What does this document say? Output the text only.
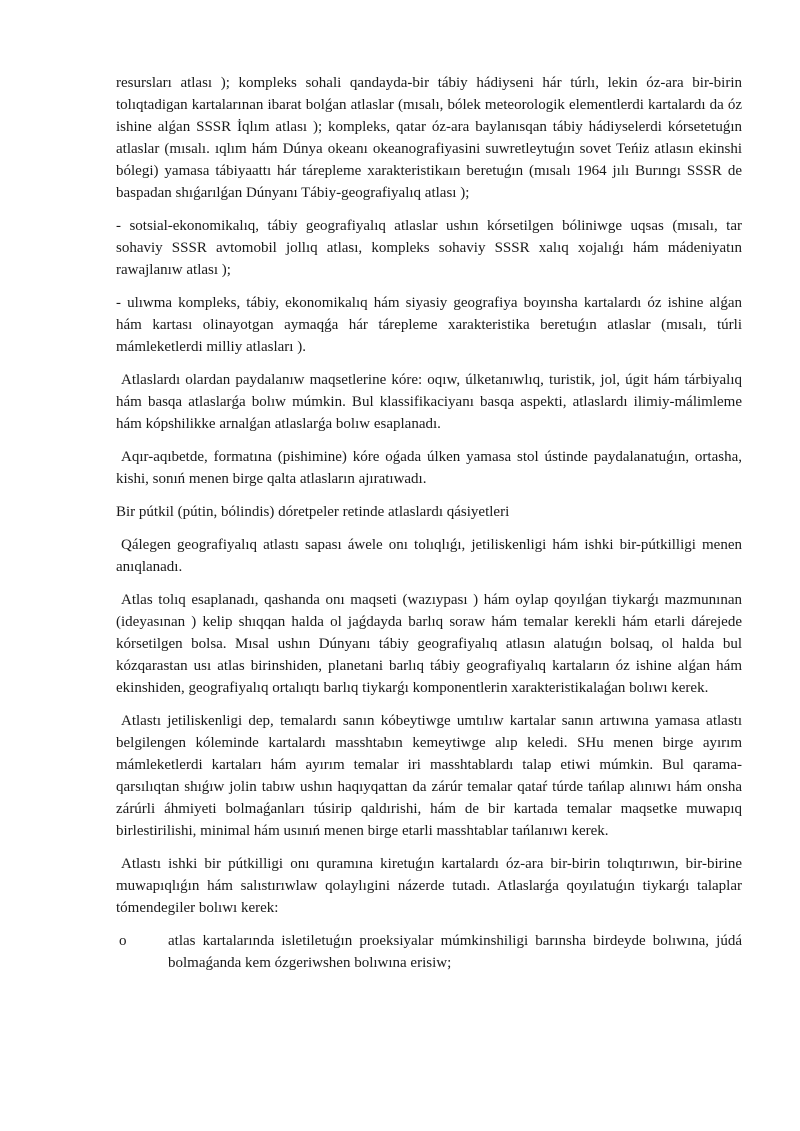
resursları atlası ); kompleks sohali qandayda-bir tábiy hádiyseni hár túrlı, lekin óz-ara bir-birin tolıqtadigan kartalarınan ibarat bolǵan atlaslar (mısalı, bólek meteorologik elementlerdi kartalardı da óz ishine alǵan SSSR İqlım atlası ); kompleks, qatar óz-ara baylanısqan tábiy hádiyselerdi kórsetetuǵın atlaslar (mısalı. ıqlım hám Dúnya okeanı okeanografiyasini suwretleytuǵın sovet Teńiz atlasın ekinshi bólegi) yamasa tábiyaattı hár tárepleme xarakteristikaın beretuǵın (mısalı 1964 jılı Burıngı SSSR de baspadan shıǵarılǵan Dúnyanı Tábiy-geografiyalıq atlası );

- sotsial-ekonomikalıq, tábiy geografiyalıq atlaslar ushın kórsetilgen bóliniwge uqsas (mısalı, tar sohaviy SSSR avtomobil jollıq atlası, kompleks sohaviy SSSR xalıq xojalıǵı hám mádeniyatın rawajlanıw atlası );

- ulıwma kompleks, tábiy, ekonomikalıq hám siyasiy geografiya boyınsha kartalardı óz ishine alǵan hám kartası olinayotgan aymaqǵa hár tárepleme xarakteristika beretuǵın atlaslar (mısalı, túrli mámleketlerdi milliy atlasları ).

Atlaslardı olardan paydalanıw maqsetlerine kóre: oqıw, úlketanıwlıq, turistik, jol, úgit hám tárbiyalıq hám basqa atlaslarǵa bolıw múmkin. Bul klassifikaciyanı basqa aspekti, atlaslardı ilimiy-málimleme hám kópshilikke arnalǵan atlaslarǵa bolıw esaplanadı.

Aqır-aqıbetde, formatına (pishimine) kóre oǵada úlken yamasa stol ústinde paydalanatuǵın, ortasha, kishi, sonıń menen birge qalta atlasların ajıratıwadı.

Bir pútkil (pútin, bólindis) dóretpeler retinde atlaslardı qásiyetleri

Qálegen geografiyalıq atlastı sapası áwele onı tolıqlıǵı, jetiliskenligi hám ishki bir-pútkilligi menen anıqlanadı.

Atlas tolıq esaplanadı, qashanda onı maqseti (wazıypası ) hám oylap qoyılǵan tiykarǵı mazmunınan (ideyasınan ) kelip shıqqan halda ol jaǵdayda barlıq soraw hám temalar kerekli hám etarli dárejede kórsetilgen bolsa. Mısal ushın Dúnyanı tábiy geografiyalıq atlasın alatuǵın bolsaq, ol halda bul kózqarastan usı atlas birinshiden, planetani barlıq tábiy geografiyalıq kartaların óz ishine alǵan hám ekinshiden, geografiyalıq ortalıqtı barlıq tiykarǵı komponentlerin xarakteristikalaǵan bolıwı kerek.

Atlastı jetiliskenligi dep, temalardı sanın kóbeytiwge umtılıw kartalar sanın artıwına yamasa atlastı belgilengen kóleminde kartalardı masshtabın kemeytiwge alıp keledi. SHu menen birge ayırım mámleketlerdi kartaları hám ayırım temalar iri masshtablardı talap etiwi múmkin. Bul qarama-qarsılıqtan shıǵıw jolin tabıw ushın haqıyqattan da zárúr temalar qataŕ túrde tańlap alınıwı hám onsha zárúrli áhmiyeti bolmaǵanları túsirip qaldırishi, hám de bir kartada temalar maqsetke muwapıq birlestirilishi, minimal hám usınıń menen birge etarli masshtablar tańlanıwı kerek.

Atlastı ishki bir pútkilligi onı quramına kiretuǵın kartalardı óz-ara bir-birin tolıqtırıwın, bir-birine muwapıqlıǵın hám salıstırıwlaw qolaylıgini názerde tutadı. Atlaslarǵa qoyılatuǵın tiykarǵı talaplar tómendegiler bolıwı kerek:

o	atlas kartalarında isletiletuǵın proeksiyalar múmkinshiligi barınsha birdeyde bolıwına, júdá bolmaǵanda kem ózgeriwshen bolıwına erisiw;
